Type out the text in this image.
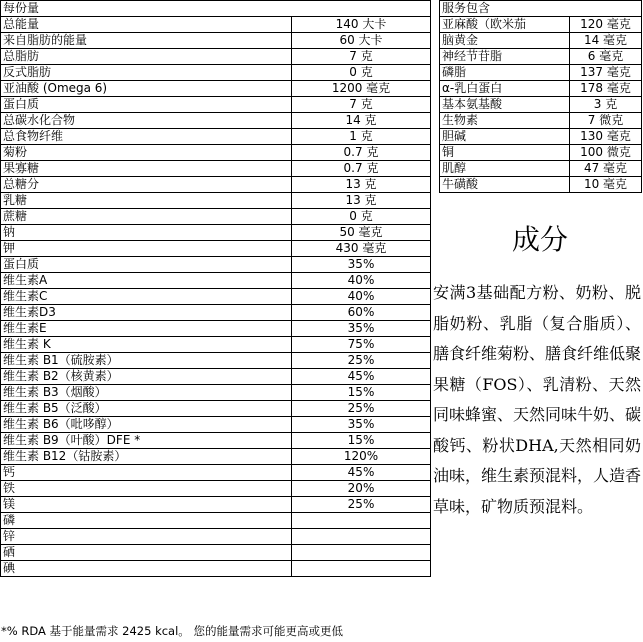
每份量	
总能量	140 大卡
来自脂肪的能量	60 大卡
总脂肪	7 克
反式脂肪	0 克
亚油酸 (Omega 6)	1200 毫克
蛋白质	7 克
总碳水化合物	14 克
总食物纤维	1 克
菊粉	0.7 克
果寡糖	0.7 克
总糖分	13 克
乳糖	13 克
蔗糖	0 克
钠	50 毫克
钾	430 毫克
蛋白质	35%
维生素A	40%
维生素C	40%
维生素D3	60%
维生素E	35%
维生素 K	75%
维生素 B1（硫胺素）	25%
维生素 B2（核黄素）	45%
维生素 B3（烟酸）	15%
维生素 B5（泛酸）	25%
维生素 B6（吡哆醇）	35%
维生素 B9（叶酸）DFE *	15%
维生素 B12（钴胺素）	120%
钙	45%
铁	20%
镁	25%
磷	
锌	
硒	
碘	
服务包含	
亚麻酸（欧米茄	120 毫克
脑黄金	14 毫克
神经节苷脂	6 毫克
磷脂	137 毫克
α-乳白蛋白	178 毫克
基本氨基酸	3 克
生物素	7 微克
胆碱	130 毫克
铜	100 微克
肌醇	47 毫克
牛磺酸	10 毫克
成分
安满3基础配方粉、奶粉、脱脂奶粉、乳脂（复合脂质）、膳食纤维菊粉、膳食纤维低聚果糖（FOS）、乳清粉、天然同味蜂蜜、天然同味牛奶、碳酸钙、粉状DHA,天然相同奶油味，维生素预混料，人造香草味，矿物质预混料。
*% RDA 基于能量需求 2425 kcal。 您的能量需求可能更高或更低
